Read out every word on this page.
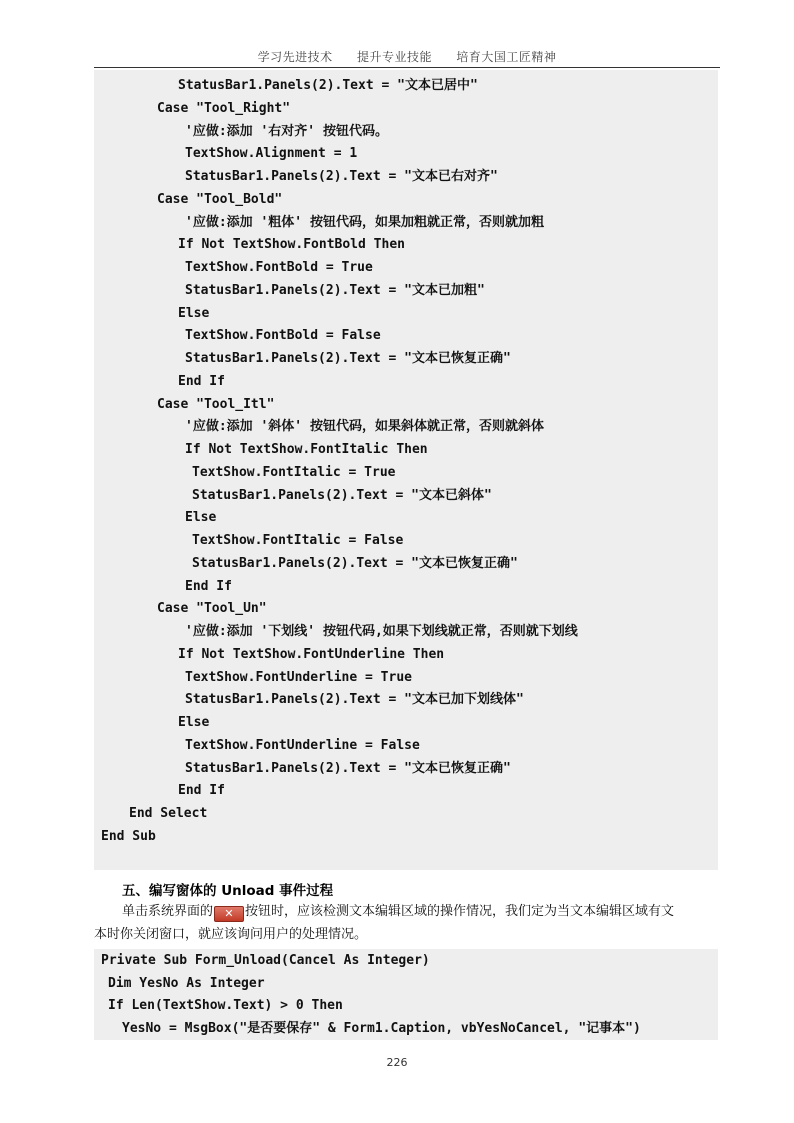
学习先进技术 提升专业技能 培育大国工匠精神
StatusBar1.Panels(2).Text = "文本已居中"
Case "Tool_Right"
'应做:添加 '右对齐' 按钮代码。
TextShow.Alignment = 1
StatusBar1.Panels(2).Text = "文本已右对齐"
Case "Tool_Bold"
'应做:添加 '粗体' 按钮代码，如果加粗就正常，否则就加粗
If Not TextShow.FontBold Then
TextShow.FontBold = True
StatusBar1.Panels(2).Text = "文本已加粗"
Else
TextShow.FontBold = False
StatusBar1.Panels(2).Text = "文本已恢复正确"
End If
Case "Tool_Itl"
'应做:添加 '斜体' 按钮代码，如果斜体就正常，否则就斜体
If Not TextShow.FontItalic Then
TextShow.FontItalic = True
StatusBar1.Panels(2).Text = "文本已斜体"
Else
TextShow.FontItalic = False
StatusBar1.Panels(2).Text = "文本已恢复正确"
End If
Case "Tool_Un"
'应做:添加 '下划线' 按钮代码,如果下划线就正常，否则就下划线
If Not TextShow.FontUnderline Then
TextShow.FontUnderline = True
StatusBar1.Panels(2).Text = "文本已加下划线体"
Else
TextShow.FontUnderline = False
StatusBar1.Panels(2).Text = "文本已恢复正确"
End If
End Select
End Sub
五、编写窗体的 Unload 事件过程
单击系统界面的 ✕ 按钮时，应该检测文本编辑区域的操作情况，我们定为当文本编辑区域有文
本时你关闭窗口，就应该询问用户的处理情况。
Private Sub Form_Unload(Cancel As Integer)
Dim YesNo As Integer
If Len(TextShow.Text) > 0 Then
YesNo = MsgBox("是否要保存" & Form1.Caption, vbYesNoCancel, "记事本")
226
